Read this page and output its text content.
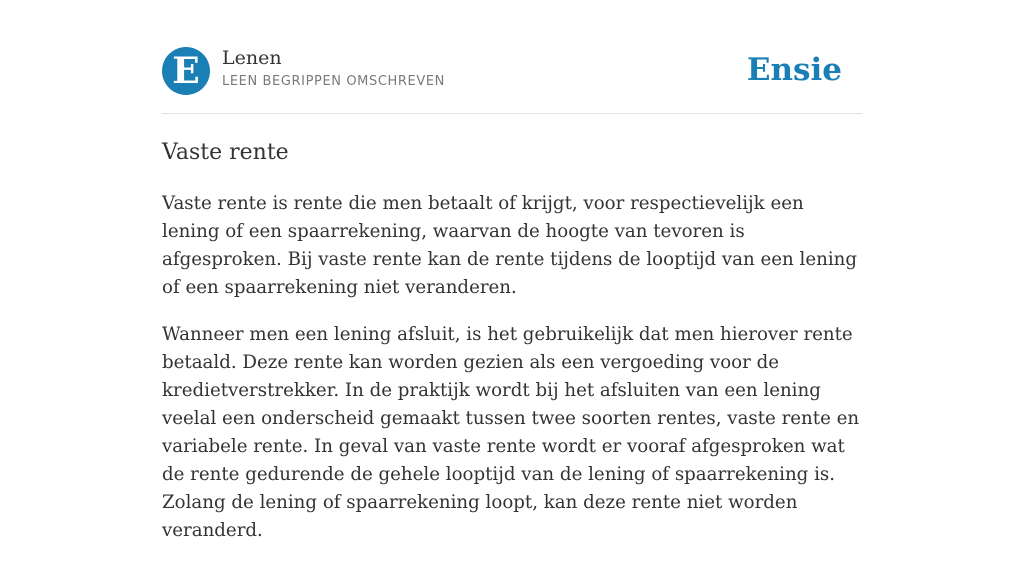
E	Lenen
LEEN BEGRIPPEN OMSCHREVEN	Ensie
Vaste rente

Vaste rente is rente die men betaalt of krijgt, voor respectievelijk een lening of een spaarrekening, waarvan de hoogte van tevoren is afgesproken. Bij vaste rente kan de rente tijdens de looptijd van een lening of een spaarrekening niet veranderen.

Wanneer men een lening afsluit, is het gebruikelijk dat men hierover rente betaald. Deze rente kan worden gezien als een vergoeding voor de kredietverstrekker. In de praktijk wordt bij het afsluiten van een lening veelal een onderscheid gemaakt tussen twee soorten rentes, vaste rente en variabele rente. In geval van vaste rente wordt er vooraf afgesproken wat de rente gedurende de gehele looptijd van de lening of spaarrekening is. Zolang de lening of spaarrekening loopt, kan deze rente niet worden veranderd.
